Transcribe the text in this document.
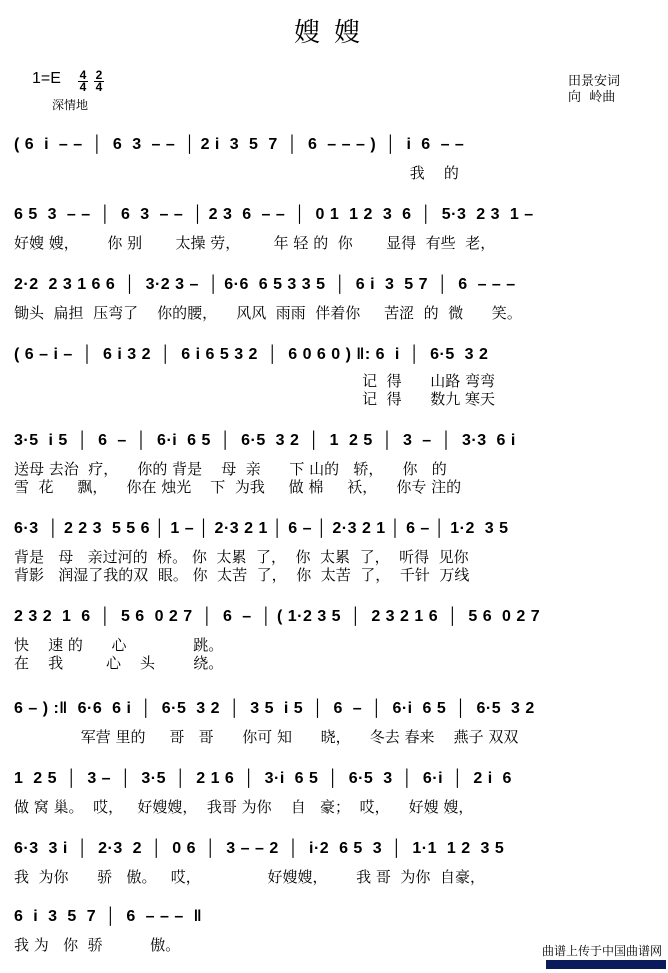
嫂嫂
$1=E \frac{4}{4} \frac{2}{4}$
深情地
田景安词
向  岭曲
( 6  i  – –  │  6  3  – –  │ 2 i  3  5  7  │  6  – – – )  │  i  6  – –
我    的
6 5  3  – –  │  6  3  – –  │ 2 3  6  – –  │  0 1  1 2  3  6  │  5·3  2 3  1 –
好嫂 嫂，      你 别       太操 劳，       年 轻 的  你       显得  有些  老，
2·2  2 3 1 6 6  │  3·2 3 –  │ 6·6  6 5 3 3 5  │  6 i  3  5 7  │  6  – – –
锄头  扁担  压弯了    你的腰，    风风  雨雨  伴着你     苦涩  的  微      笑。
( 6 – i –  │  6 i 3 2  │  6 i 6 5 3 2  │  6 0 6 0 ) ‖: 6  i  │  6·5  3 2
记  得      山路 弯弯
记  得      数九 寒天
3·5  i 5  │  6  –  │  6·i  6 5  │  6·5  3 2  │  1  2 5  │  3  –  │  3·3  6 i
送母 去治  疗，    你的 背是    母  亲      下 山的   轿，    你   的
雪  花     飘，    你在 烛光    下  为我     做 棉     袄，    你专 注的
6·3  │ 2 2 3  5 5 6 │ 1 – │ 2·3 2 1 │ 6 – │ 2·3 2 1 │ 6 – │ 1·2  3 5
背是   母   亲过河的  桥。 你  太累  了，  你  太累  了，  听得  见你
背影   润湿了我的双  眼。 你  太苦  了，  你  太苦  了，  千针  万线
2 3 2  1  6  │  5 6  0 2 7  │  6  –  │ ( 1·2 3 5  │  2 3 2 1 6  │  5 6  0 2 7
快    速 的      心              跳。
在    我         心    头        绕。
6 – ) :‖  6·6  6 i  │  6·5  3 2  │  3 5  i 5  │  6  –  │  6·i  6 5  │  6·5  3 2
军营 里的     哥   哥      你可 知      晓，    冬去 春来    燕子 双双
1  2 5  │  3 –  │  3·5  │  2 1 6  │  3·i  6 5  │  6·5  3  │  6·i  │  2 i  6
做 窝 巢。  哎，   好嫂嫂，  我哥 为你    自   豪；  哎，    好嫂 嫂，
6·3  3 i  │  2·3  2  │  0 6  │  3 – – 2  │  i·2  6 5  3  │  1·1  1 2  3 5
我  为你      骄   傲。   哎，              好嫂嫂，      我 哥  为你  自豪，
6  i  3  5  7  │  6  – – –  ‖
我 为   你  骄          傲。	曲谱上传于中国曲谱网
